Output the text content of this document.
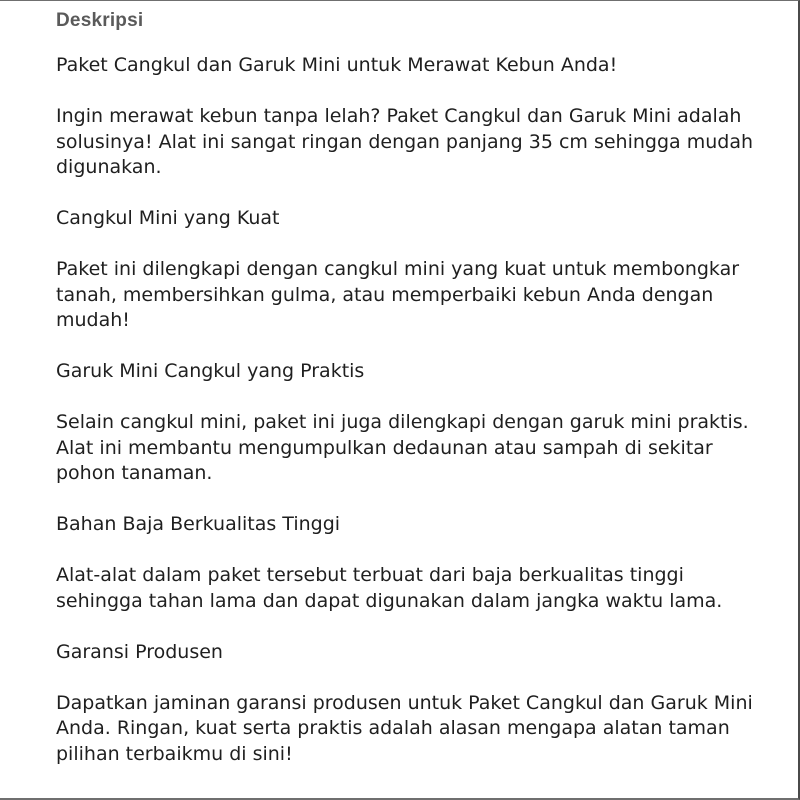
Deskripsi

Paket Cangkul dan Garuk Mini untuk Merawat Kebun Anda!

Ingin merawat kebun tanpa lelah? Paket Cangkul dan Garuk Mini adalah solusinya! Alat ini sangat ringan dengan panjang 35 cm sehingga mudah digunakan.

Cangkul Mini yang Kuat

Paket ini dilengkapi dengan cangkul mini yang kuat untuk membongkar tanah, membersihkan gulma, atau memperbaiki kebun Anda dengan mudah!

Garuk Mini Cangkul yang Praktis

Selain cangkul mini, paket ini juga dilengkapi dengan garuk mini praktis. Alat ini membantu mengumpulkan dedaunan atau sampah di sekitar pohon tanaman.

Bahan Baja Berkualitas Tinggi

Alat-alat dalam paket tersebut terbuat dari baja berkualitas tinggi sehingga tahan lama dan dapat digunakan dalam jangka waktu lama.

Garansi Produsen

Dapatkan jaminan garansi produsen untuk Paket Cangkul dan Garuk Mini Anda. Ringan, kuat serta praktis adalah alasan mengapa alatan taman pilihan terbaikmu di sini!
